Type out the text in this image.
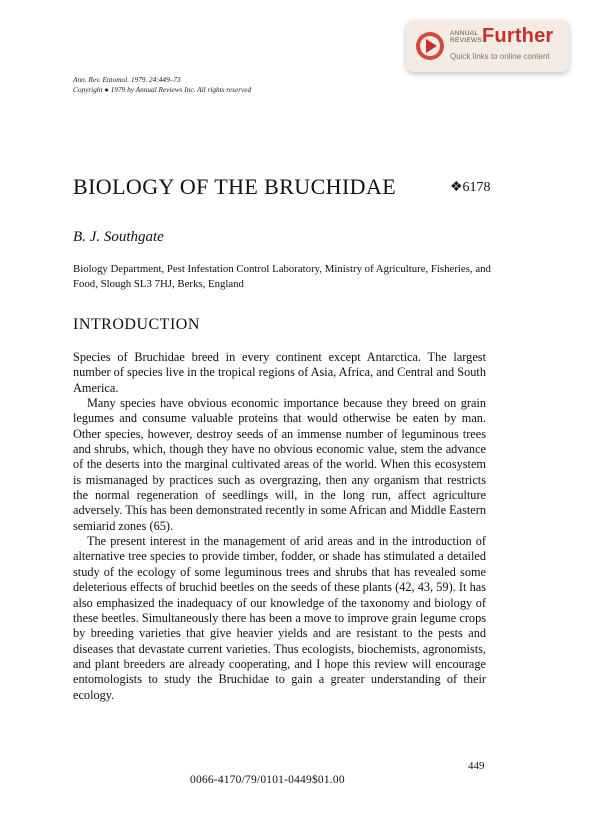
ANNUAL
REVIEWS Further
Quick links to online content
Ann. Rev. Entomol. 1979. 24:449–73
Copyright ● 1979 by Annual Reviews Inc. All rights reserved
BIOLOGY OF THE BRUCHIDAE	❖6178
B. J. Southgate
Biology Department, Pest Infestation Control Laboratory, Ministry of Agriculture, Fisheries, and Food, Slough SL3 7HJ, Berks, England
INTRODUCTION

Species of Bruchidae breed in every continent except Antarctica. The largest number of species live in the tropical regions of Asia, Africa, and Central and South America.

Many species have obvious economic importance because they breed on grain legumes and consume valuable proteins that would otherwise be eaten by man. Other species, however, destroy seeds of an immense number of leguminous trees and shrubs, which, though they have no obvious economic value, stem the advance of the deserts into the marginal cultivated areas of the world. When this ecosystem is mismanaged by practices such as overgrazing, then any organism that restricts the normal regeneration of seedlings will, in the long run, affect agriculture adversely. This has been demonstrated recently in some African and Middle Eastern semiarid zones (65).

The present interest in the management of arid areas and in the introduction of alternative tree species to provide timber, fodder, or shade has stimulated a detailed study of the ecology of some leguminous trees and shrubs that has revealed some deleterious effects of bruchid beetles on the seeds of these plants (42, 43, 59). It has also emphasized the inadequacy of our knowledge of the taxonomy and biology of these beetles. Simultaneously there has been a move to improve grain legume crops by breeding varieties that give heavier yields and are resistant to the pests and diseases that devastate current varieties. Thus ecologists, biochemists, agronomists, and plant breeders are already cooperating, and I hope this review will encourage entomologists to study the Bruchidae to gain a greater understanding of their ecology.

449
0066-4170/79/0101-0449$01.00
